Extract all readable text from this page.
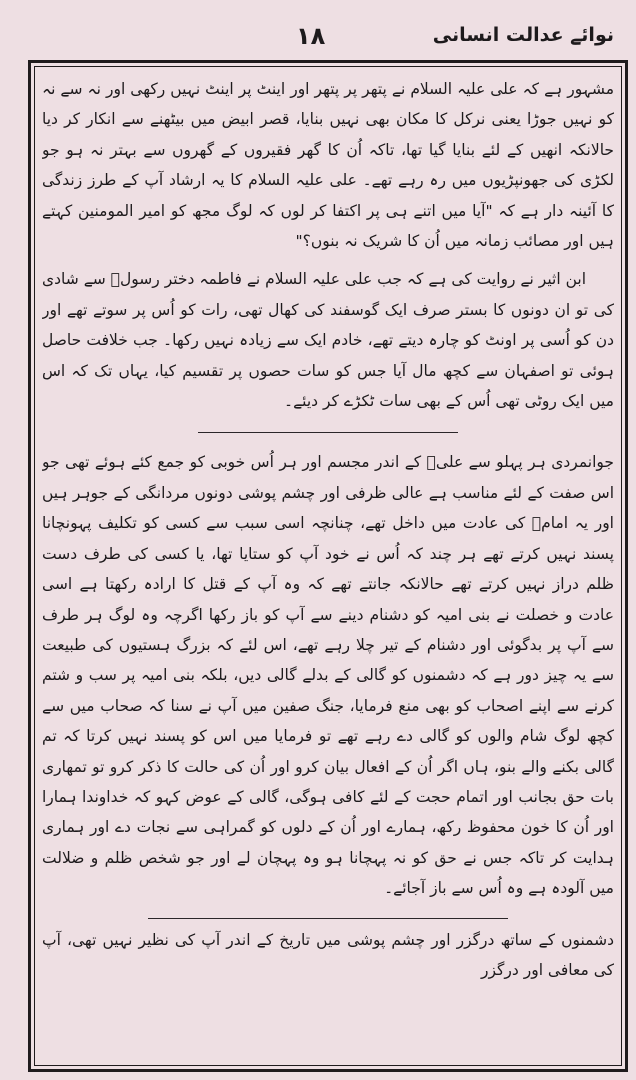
۱۸	نوائے عدالت انسانی

مشہور ہے کہ علی علیہ السلام نے پتھر پر پتھر اور اینٹ پر اینٹ نہیں رکھی اور نہ سے نہ کو نہیں جوڑا یعنی نرکل کا مکان بھی نہیں بنایا، قصر ابیض میں بیٹھنے سے انکار کر دیا حالانکہ انھیں کے لئے بنایا گیا تھا، تاکہ اُن کا گھر فقیروں کے گھروں سے بہتر نہ ہو جو لکڑی کی جھونپڑیوں میں رہ رہے تھے۔ علی علیہ السلام کا یہ ارشاد آپ کے طرز زندگی کا آئینہ دار ہے کہ "آیا میں اتنے ہی پر اکتفا کر لوں کہ لوگ مجھ کو امیر المومنین کہتے ہیں اور مصائب زمانہ میں اُن کا شریک نہ بنوں؟"

ابن اثیر نے روایت کی ہے کہ جب علی علیہ السلام نے فاطمہ دختر رسولؐ سے شادی کی تو ان دونوں کا بستر صرف ایک گوسفند کی کھال تھی، رات کو اُس پر سوتے تھے اور دن کو اُسی پر اونٹ کو چارہ دیتے تھے، خادم ایک سے زیادہ نہیں رکھا۔ جب خلافت حاصل ہوئی تو اصفہان سے کچھ مال آیا جس کو سات حصوں پر تقسیم کیا، یہاں تک کہ اس میں ایک روٹی تھی اُس کے بھی سات ٹکڑے کر دیئے۔

جوانمردی ہر پہلو سے علیؑ کے اندر مجسم اور ہر اُس خوبی کو جمع کئے ہوئے تھی جو اس صفت کے لئے مناسب ہے عالی ظرفی اور چشم پوشی دونوں مردانگی کے جوہر ہیں اور یہ امامؑ کی عادت میں داخل تھے، چنانچہ اسی سبب سے کسی کو تکلیف پہونچانا پسند نہیں کرتے تھے ہر چند کہ اُس نے خود آپ کو ستایا تھا، یا کسی کی طرف دست ظلم دراز نہیں کرتے تھے حالانکہ جانتے تھے کہ وہ آپ کے قتل کا ارادہ رکھتا ہے اسی عادت و خصلت نے بنی امیہ کو دشنام دینے سے آپ کو باز رکھا اگرچہ وہ لوگ ہر طرف سے آپ پر بدگوئی اور دشنام کے تیر چلا رہے تھے، اس لئے کہ بزرگ ہستیوں کی طبیعت سے یہ چیز دور ہے کہ دشمنوں کو گالی کے بدلے گالی دیں، بلکہ بنی امیہ پر سب و شتم کرنے سے اپنے اصحاب کو بھی منع فرمایا، جنگ صفین میں آپ نے سنا کہ صحاب میں سے کچھ لوگ شام والوں کو گالی دے رہے تھے تو فرمایا میں اس کو پسند نہیں کرتا کہ تم گالی بکنے والے بنو، ہاں اگر اُن کے افعال بیان کرو اور اُن کی حالت کا ذکر کرو تو تمھاری بات حق بجانب اور اتمام حجت کے لئے کافی ہوگی، گالی کے عوض کہو کہ خداوندا ہمارا اور اُن کا خون محفوظ رکھ، ہمارے اور اُن کے دلوں کو گمراہی سے نجات دے اور ہماری ہدایت کر تاکہ جس نے حق کو نہ پہچانا ہو وہ پہچان لے اور جو شخص ظلم و ضلالت میں آلودہ ہے وہ اُس سے باز آجائے۔

دشمنوں کے ساتھ درگزر اور چشم پوشی میں تاریخ کے اندر آپ کی نظیر نہیں تھی، آپ کی معافی اور درگزر
